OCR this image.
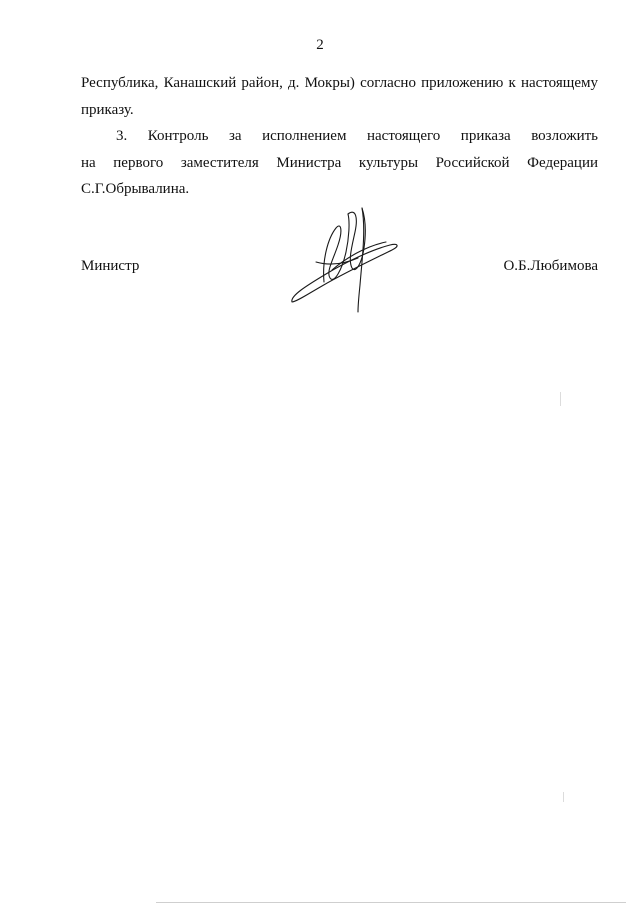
2
Республика, Канашский район, д. Мокры) согласно приложению к настоящему
приказу.
3. Контроль за исполнением настоящего приказа возложить
на первого заместителя Министра культуры Российской Федерации
С.Г.Обрывалина.
Министр	О.Б.Любимова
